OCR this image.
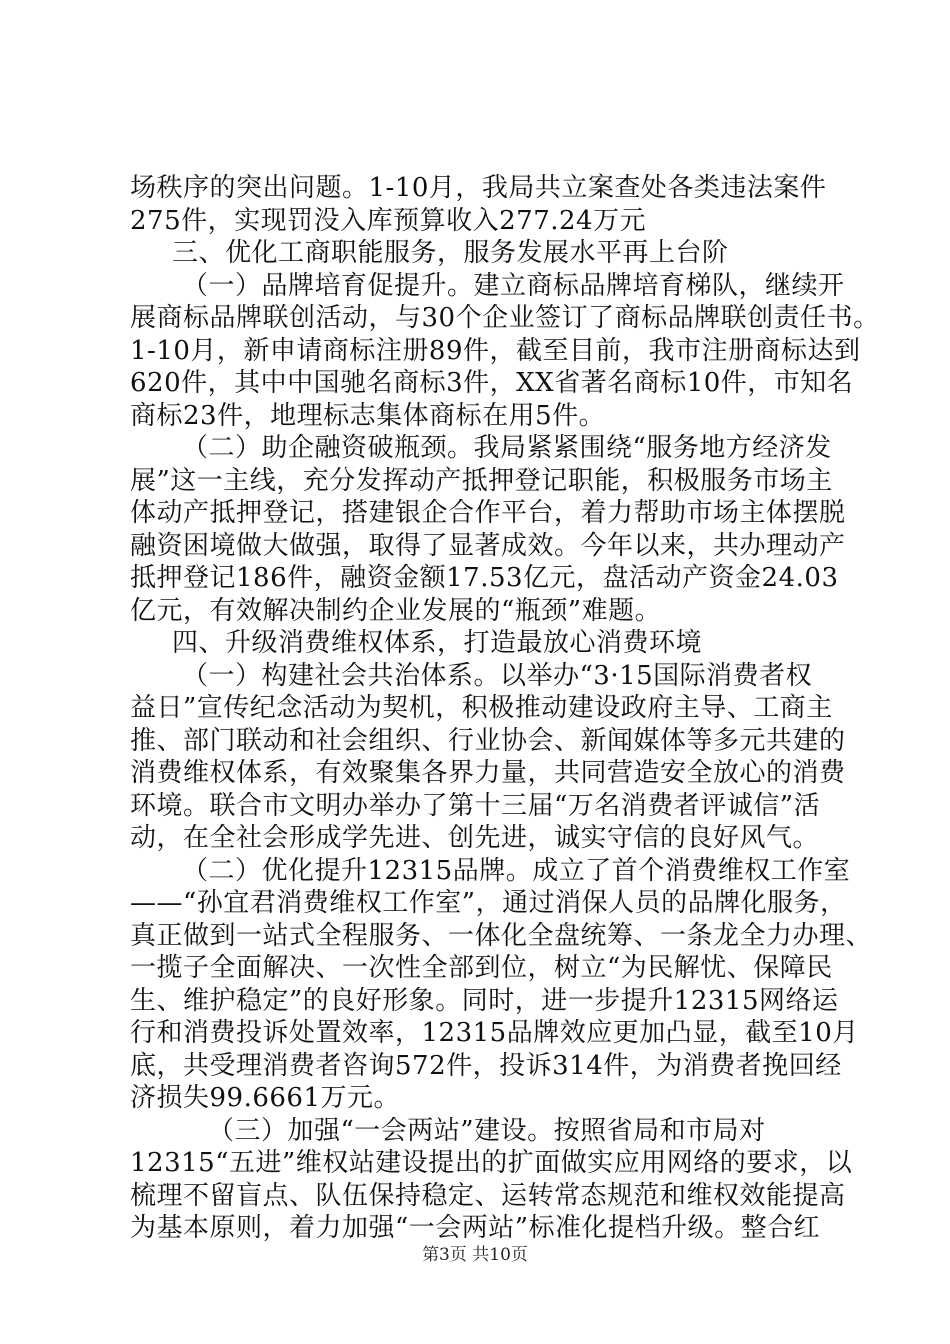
场秩序的突出问题。1-10月，我局共立案查处各类违法案件
275件，实现罚没入库预算收入277.24万元
三、优化工商职能服务，服务发展水平再上台阶
（一）品牌培育促提升。建立商标品牌培育梯队，继续开
展商标品牌联创活动，与30个企业签订了商标品牌联创责任书。
1-10月，新申请商标注册89件，截至目前，我市注册商标达到
620件，其中中国驰名商标3件，XX省著名商标10件，市知名
商标23件，地理标志集体商标在用5件。
（二）助企融资破瓶颈。我局紧紧围绕“服务地方经济发
展”这一主线，充分发挥动产抵押登记职能，积极服务市场主
体动产抵押登记，搭建银企合作平台，着力帮助市场主体摆脱
融资困境做大做强，取得了显著成效。今年以来，共办理动产
抵押登记186件，融资金额17.53亿元，盘活动产资金24.03
亿元，有效解决制约企业发展的“瓶颈”难题。
四、升级消费维权体系，打造最放心消费环境
（一）构建社会共治体系。以举办“3·15国际消费者权
益日”宣传纪念活动为契机，积极推动建设政府主导、工商主
推、部门联动和社会组织、行业协会、新闻媒体等多元共建的
消费维权体系，有效聚集各界力量，共同营造安全放心的消费
环境。联合市文明办举办了第十三届“万名消费者评诚信”活
动，在全社会形成学先进、创先进，诚实守信的良好风气。
（二）优化提升12315品牌。成立了首个消费维权工作室
——“孙宜君消费维权工作室”，通过消保人员的品牌化服务，
真正做到一站式全程服务、一体化全盘统筹、一条龙全力办理、
一揽子全面解决、一次性全部到位，树立“为民解忧、保障民
生、维护稳定”的良好形象。同时，进一步提升12315网络运
行和消费投诉处置效率，12315品牌效应更加凸显，截至10月
底，共受理消费者咨询572件，投诉314件，为消费者挽回经
济损失99.6661万元。
（三）加强“一会两站”建设。按照省局和市局对
12315“五进”维权站建设提出的扩面做实应用网络的要求，以
梳理不留盲点、队伍保持稳定、运转常态规范和维权效能提高
为基本原则，着力加强“一会两站”标准化提档升级。整合红
第3页 共10页
